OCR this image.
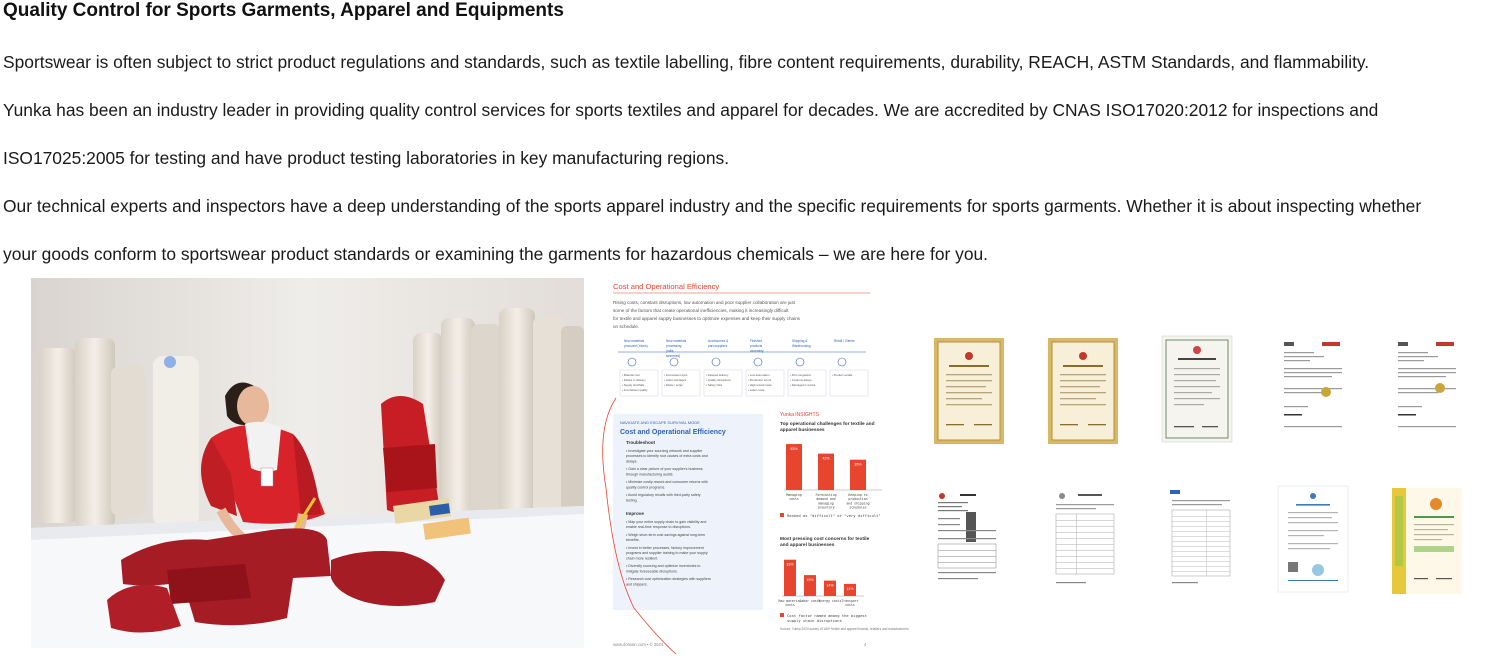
Quality Control for Sports Garments, Apparel and Equipments

Sportswear is often subject to strict product regulations and standards, such as textile labelling, fibre content requirements, durability, REACH, ASTM Standards, and flammability.

Yunka has been an industry leader in providing quality control services for sports textiles and apparel for decades. We are accredited by CNAS ISO17020:2012 for inspections and

ISO17025:2005 for testing and have product testing laboratories in key manufacturing regions.

Our technical experts and inspectors have a deep understanding of the sports apparel industry and the specific requirements for sports garments. Whether it is about inspecting whether

your goods conform to sportswear product standards or examining the garments for hazardous chemicals – we are here for you.

Cost and Operational Efficiency
Rising costs, constant disruptions, low automation and poor supplier collaboration are just
some of the factors that create operational inefficiencies, making it increasingly difficult
for textile and apparel supply businesses to optimize expenses and keep their supply chains
on schedule.
New materials
procured (Yarns)
• Material cost
• Delays in delivery
• Supply shortfalls
• Inconsistent quality
New materials
processing
(mills,
tanneries)
• Inconsistent dyes
• Labor shortages
• Waste / scrap
Accessories &
part-suppliers
• Delayed delivery
• Quality disruptions
• Safety risks
Finished
products
assembly
• Low automation
• Production errors
• High rework rates
• Labor costs
Shipping &
Warehousing
• Port congestion
• Customs delays
• Damaged in transit
Retail / Clients
• Product recalls
NAVIGATE AND ESCAPE SURVIVAL MODE
Cost and Operational Efficiency
Troubleshoot
• Investigate your sourcing network and supplier
processes to identify root causes of extra costs and
delays.
• Gain a clear picture of your supplier's business
through manufacturing audits.
• Minimize costly rework and consumer returns with
quality control programs.
• Avoid regulatory recalls with third-party safety
testing.
Improve
• Map your entire supply chain to gain visibility and
enable real-time response to disruptions.
• Weigh short-term cost savings against long-term
benefits.
• Invest in better processes, factory improvement
programs and supplier training to make your supply
chain more resilient.
• Diversify sourcing and optimize inventories to
mitigate foreseeable disruptions.
• Research cost optimization strategies with suppliers
and shippers.
Yunka INSIGHTS
Top operational challenges for textile and apparel businesses
53%
Managing
costs
42%
Forecasting
demand and
managing
inventory
35%
Keeping to
production
and shipping
schedules
Ranked as "difficult" or "very difficult"
Most pressing cost concerns for textile and apparel businesses
33%
Raw material
costs
19%
Labor costs
14%
Energy costs
11%
Transport
costs
Cost factor named among the biggest supply chain disruptions
Source: Yunka 2024 survey of 180+ textile and apparel brands, retailers and manufacturers
www.domain.com • © 2024	4
